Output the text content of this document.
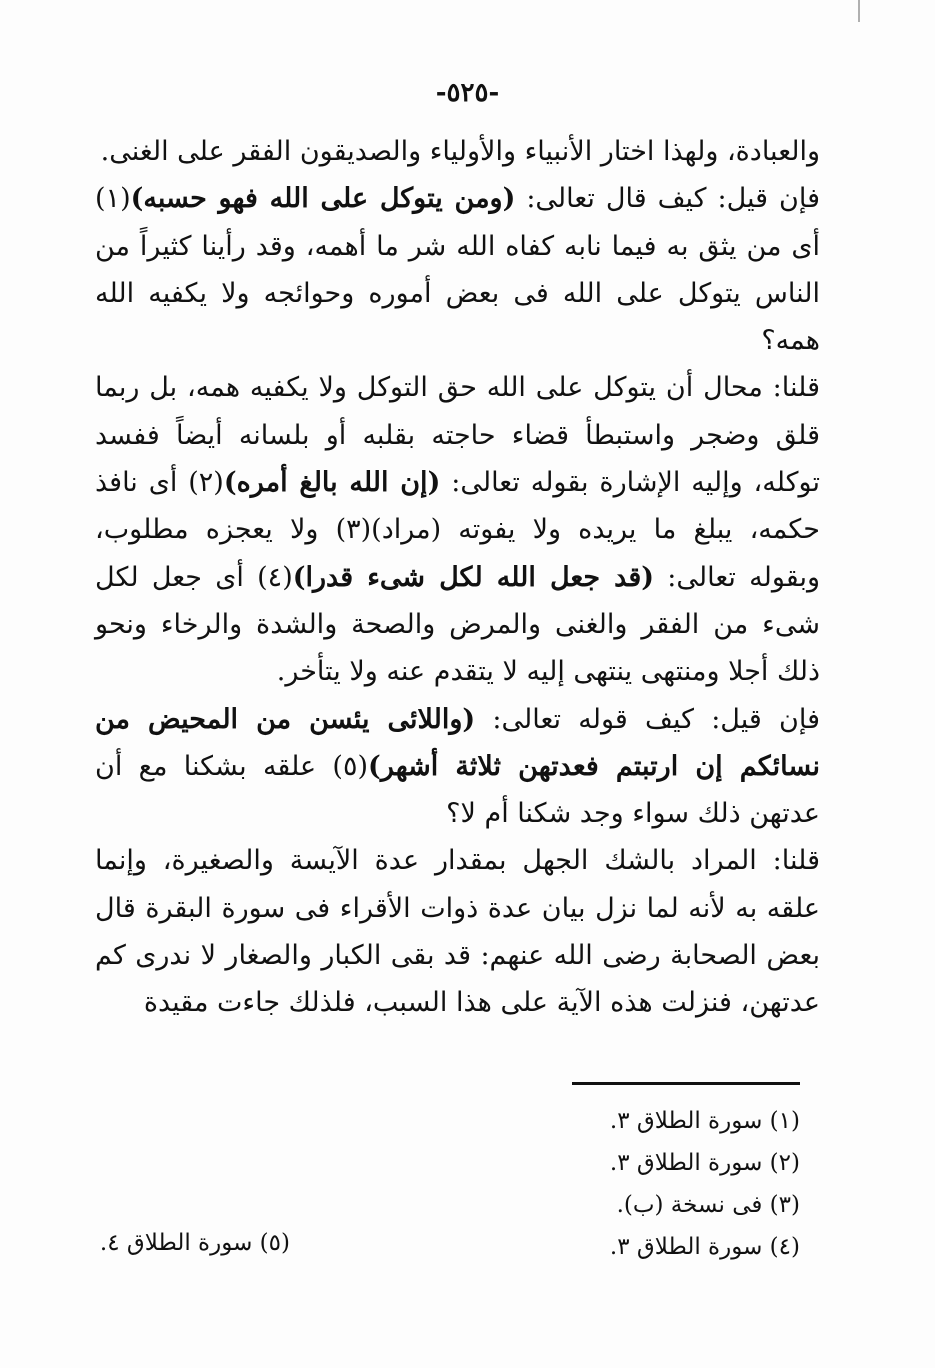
-٥٢٥-

والعبادة، ولهذا اختار الأنبياء والأولياء والصديقون الفقر على الغنى.

فإن قيل: كيف قال تعالى: (ومن يتوكل على الله فهو حسبه)(١) أى من يثق به فيما نابه كفاه الله شر ما أهمه، وقد رأينا كثيراً من الناس يتوكل على الله فى بعض أموره وحوائجه ولا يكفيه الله همه؟

قلنا: محال أن يتوكل على الله حق التوكل ولا يكفيه همه، بل ربما قلق وضجر واستبطأ قضاء حاجته بقلبه أو بلسانه أيضاً ففسد توكله، وإليه الإشارة بقوله تعالى: (إن الله بالغ أمره)(٢) أى نافذ حكمه، يبلغ ما يريده ولا يفوته (مراد)(٣) ولا يعجزه مطلوب، وبقوله تعالى: (قد جعل الله لكل شىء قدرا)(٤) أى جعل لكل شىء من الفقر والغنى والمرض والصحة والشدة والرخاء ونحو ذلك أجلا ومنتهى ينتهى إليه لا يتقدم عنه ولا يتأخر.

فإن قيل: كيف قوله تعالى: (واللائى يئسن من المحيض من نسائكم إن ارتبتم فعدتهن ثلاثة أشهر)(٥) علقه بشكنا مع أن عدتهن ذلك سواء وجد شكنا أم لا؟

قلنا: المراد بالشك الجهل بمقدار عدة الآيسة والصغيرة، وإنما علقه به لأنه لما نزل بيان عدة ذوات الأقراء فى سورة البقرة قال بعض الصحابة رضى الله عنهم: قد بقى الكبار والصغار لا ندرى كم عدتهن، فنزلت هذه الآية على هذا السبب، فلذلك جاءت مقيدة

(١) سورة الطلاق ٣.
(٢) سورة الطلاق ٣.
(٣) فى نسخة (ب).
(٤) سورة الطلاق ٣.
(٥) سورة الطلاق ٤.
